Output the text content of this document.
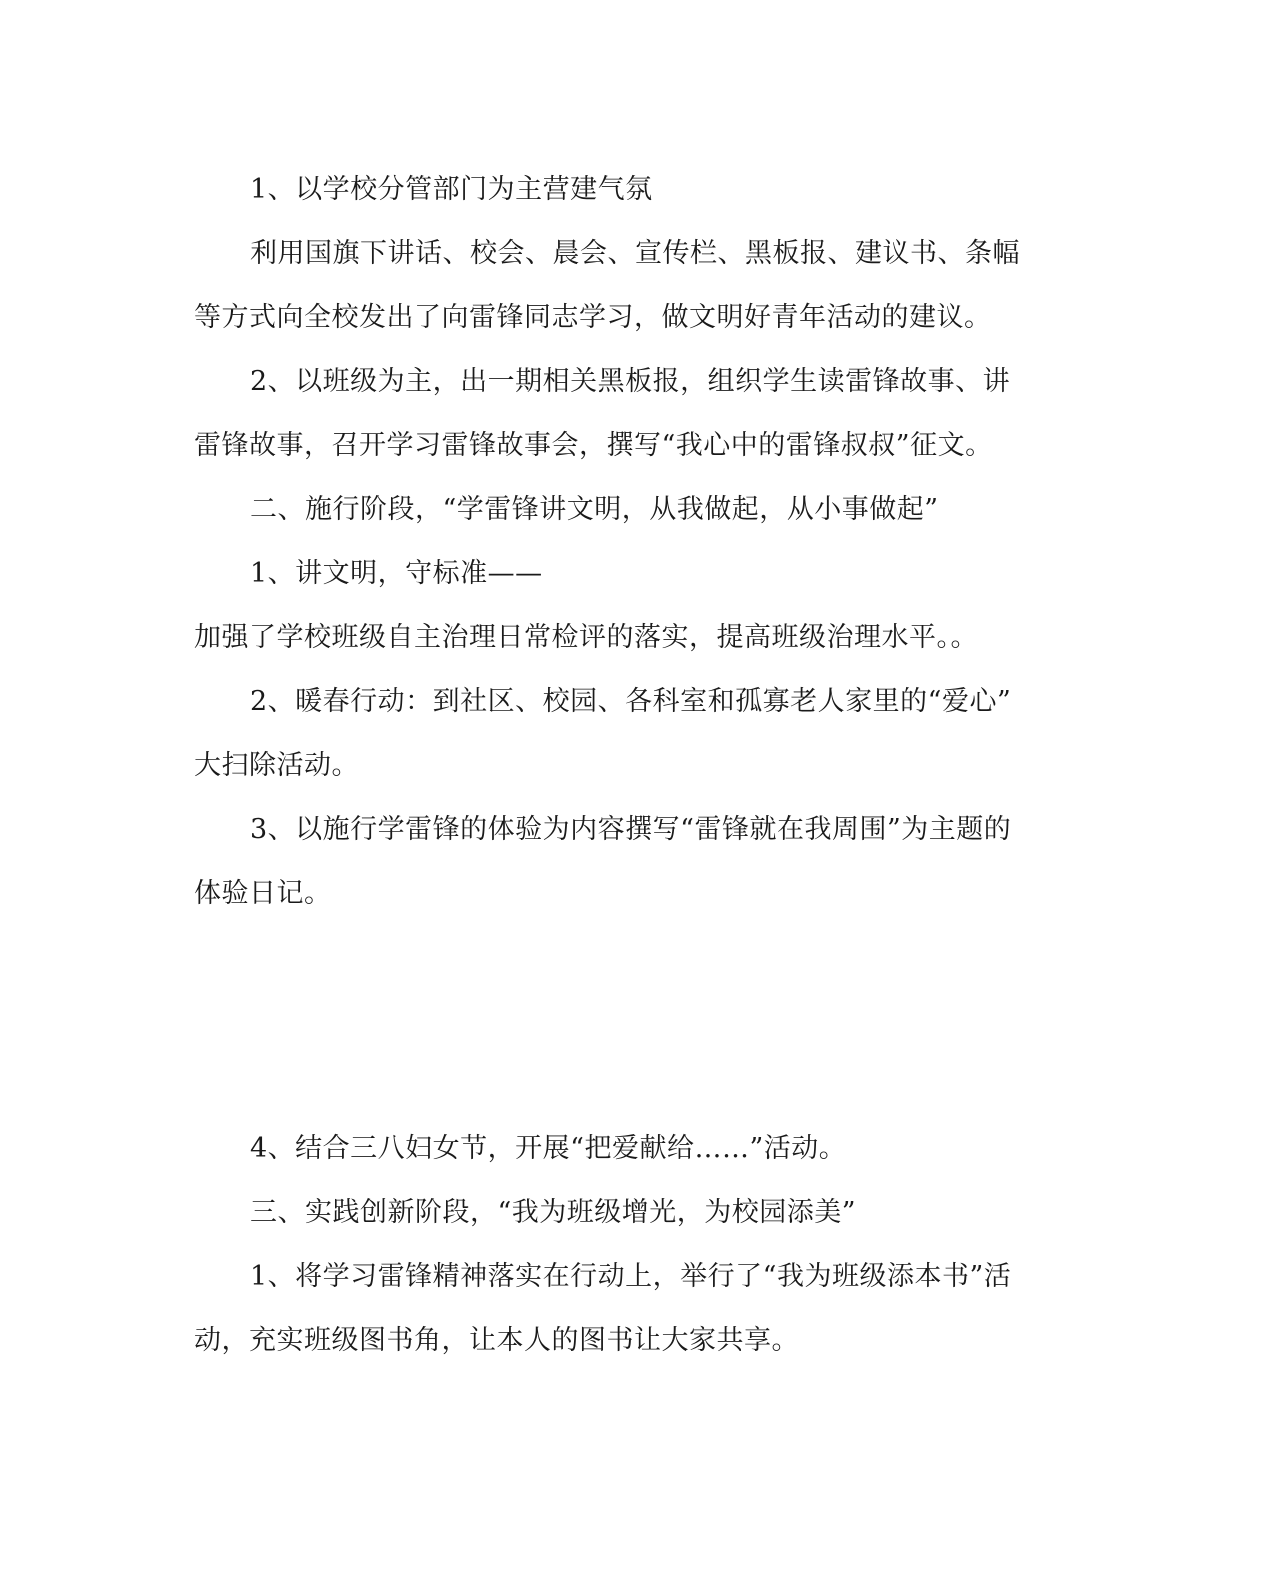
1、以学校分管部门为主营建气氛
利用国旗下讲话、校会、晨会、宣传栏、黑板报、建议书、条幅
等方式向全校发出了向雷锋同志学习，做文明好青年活动的建议。
2、以班级为主，出一期相关黑板报，组织学生读雷锋故事、讲
雷锋故事，召开学习雷锋故事会，撰写“我心中的雷锋叔叔”征文。
二、施行阶段，“学雷锋讲文明，从我做起，从小事做起”
1、讲文明，守标准——
加强了学校班级自主治理日常检评的落实，提高班级治理水平。。
2、暖春行动：到社区、校园、各科室和孤寡老人家里的“爱心”
大扫除活动。
3、以施行学雷锋的体验为内容撰写“雷锋就在我周围”为主题的
体验日记。
4、结合三八妇女节，开展“把爱献给……”活动。
三、实践创新阶段，“我为班级增光，为校园添美”
1、将学习雷锋精神落实在行动上，举行了“我为班级添本书”活
动，充实班级图书角，让本人的图书让大家共享。
